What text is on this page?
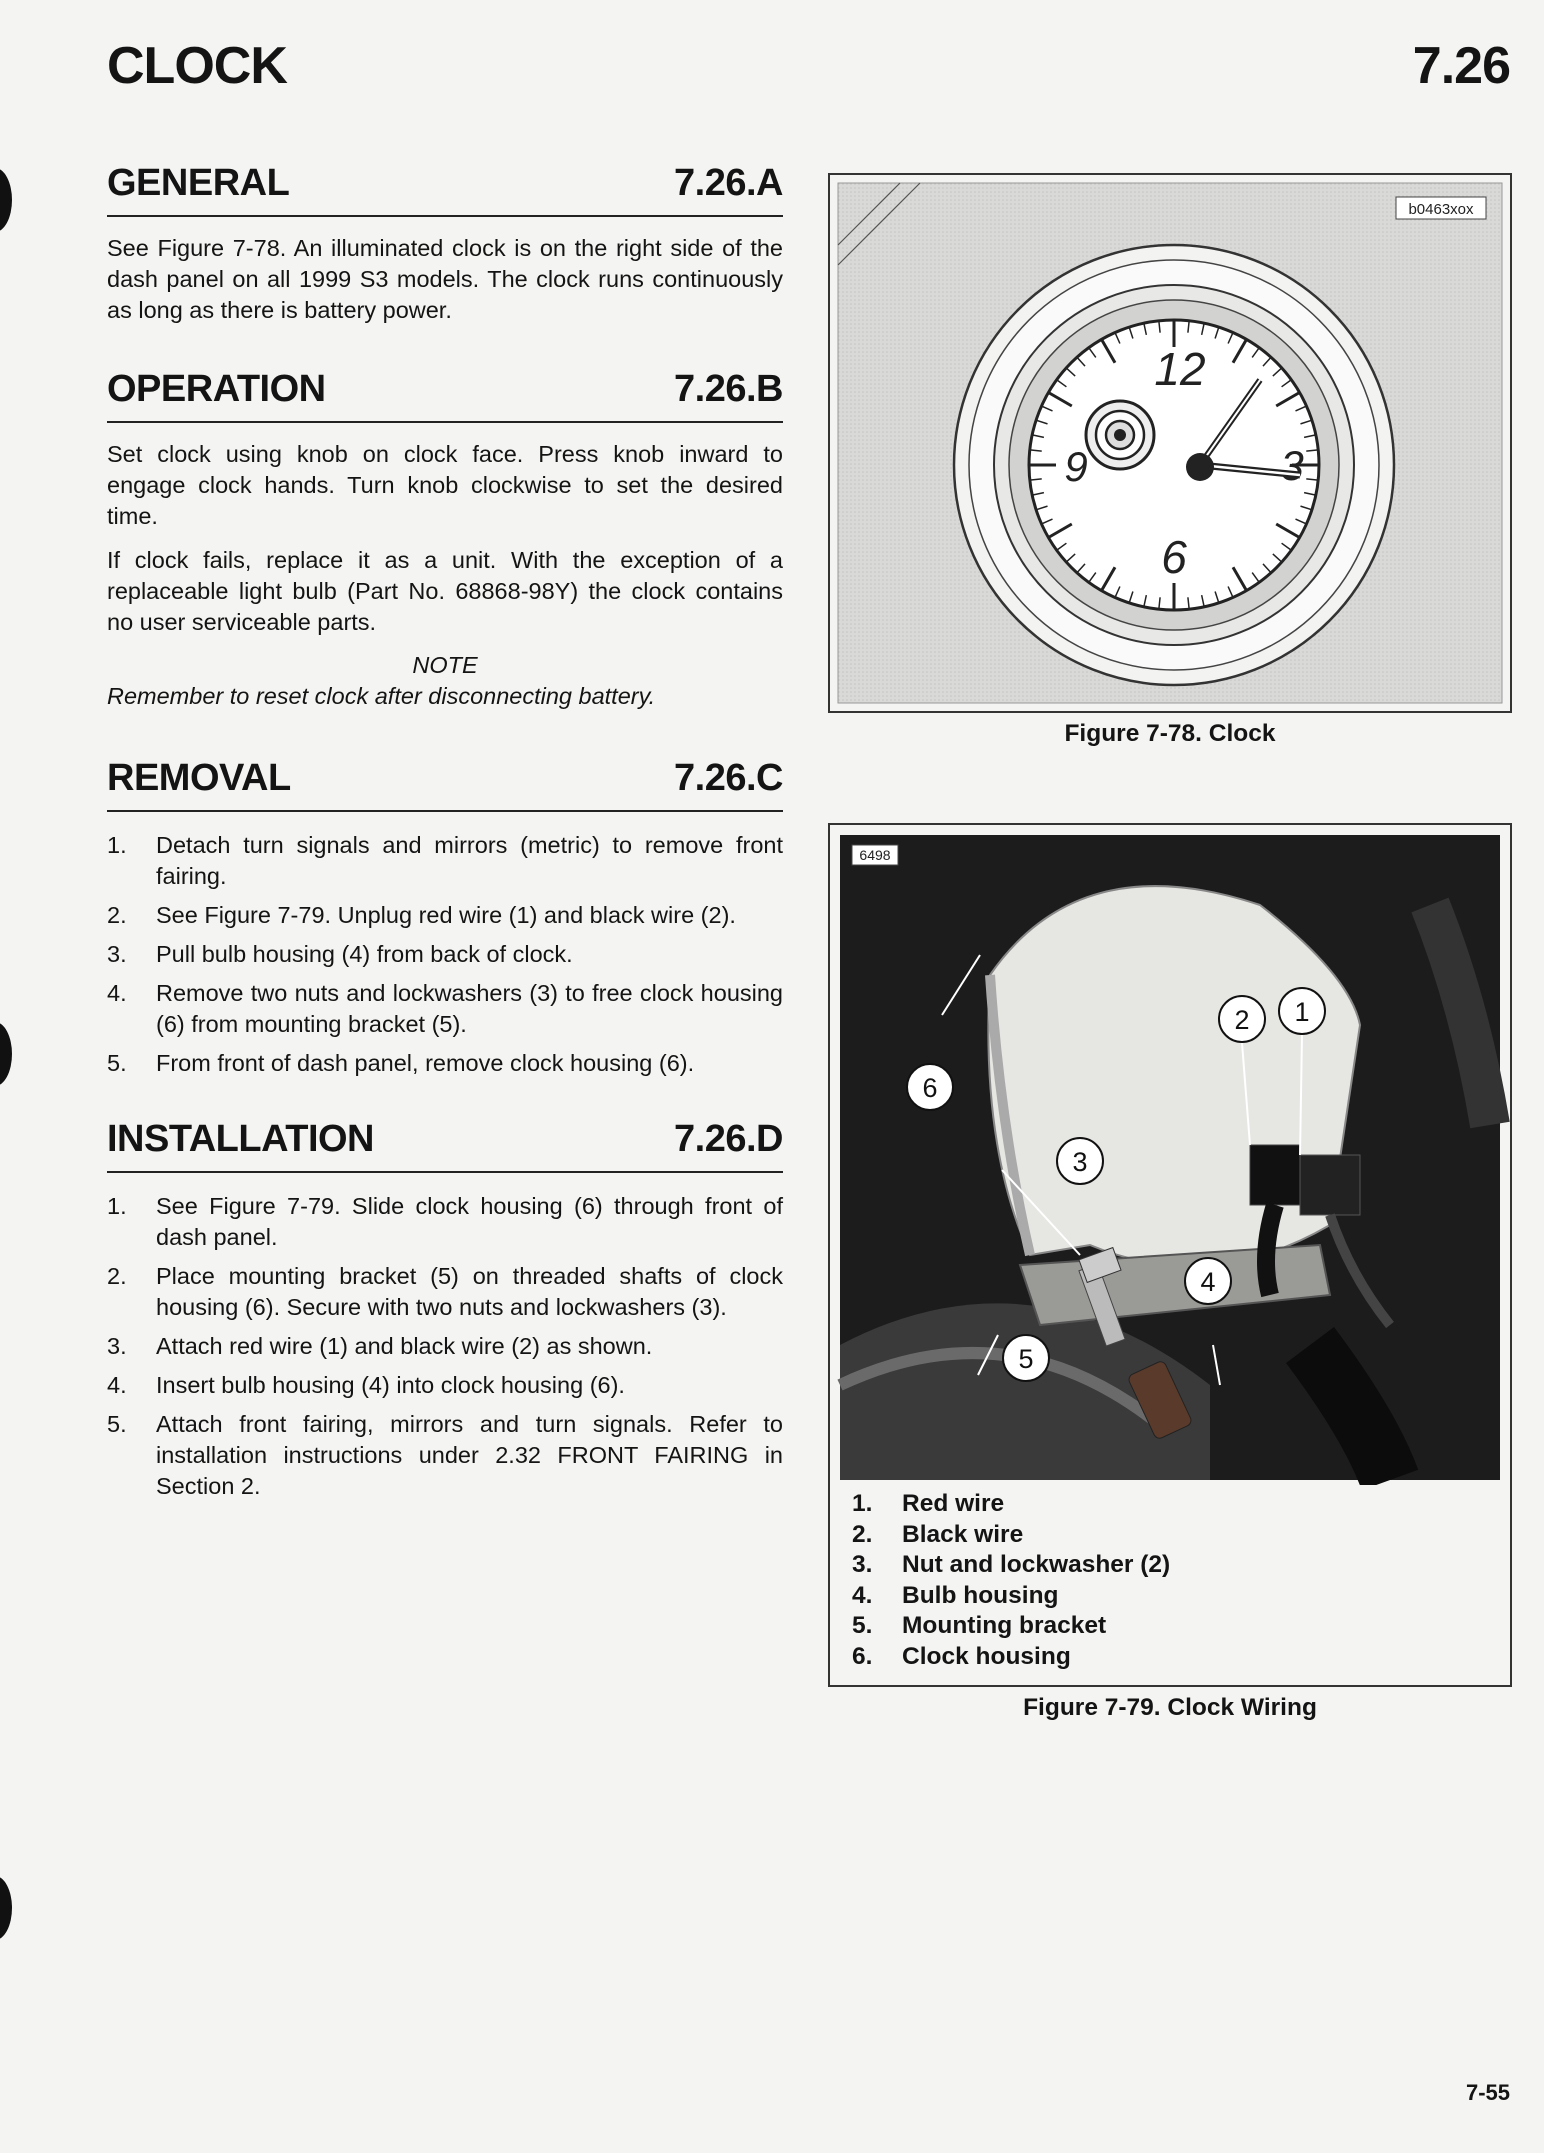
CLOCK	7.26
GENERAL	7.26.A

See Figure 7-78. An illuminated clock is on the right side of the dash panel on all 1999 S3 models. The clock runs continuously as long as there is battery power.

OPERATION	7.26.B

Set clock using knob on clock face. Press knob inward to engage clock hands. Turn knob clockwise to set the desired time.

If clock fails, replace it as a unit. With the exception of a replaceable light bulb (Part No. 68868-98Y) the clock contains no user serviceable parts.

NOTE

Remember to reset clock after disconnecting battery.

REMOVAL	7.26.C
1.	Detach turn signals and mirrors (metric) to remove front fairing.
2.	See Figure 7-79. Unplug red wire (1) and black wire (2).
3.	Pull bulb housing (4) from back of clock.
4.	Remove two nuts and lockwashers (3) to free clock housing (6) from mounting bracket (5).
5.	From front of dash panel, remove clock housing (6).
INSTALLATION	7.26.D
1.	See Figure 7-79. Slide clock housing (6) through front of dash panel.
2.	Place mounting bracket (5) on threaded shafts of clock housing (6). Secure with two nuts and lockwashers (3).
3.	Attach red wire (1) and black wire (2) as shown.
4.	Insert bulb housing (4) into clock housing (6).
5.	Attach front fairing, mirrors and turn signals. Refer to installation instructions under 2.32 FRONT FAIRING in Section 2.
12
3
6
9
b0463xox
Figure 7-78. Clock
1
2
3
4
5
6
6498
1.	Red wire
2.	Black wire
3.	Nut and lockwasher (2)
4.	Bulb housing
5.	Mounting bracket
6.	Clock housing
Figure 7-79. Clock Wiring
7-55
